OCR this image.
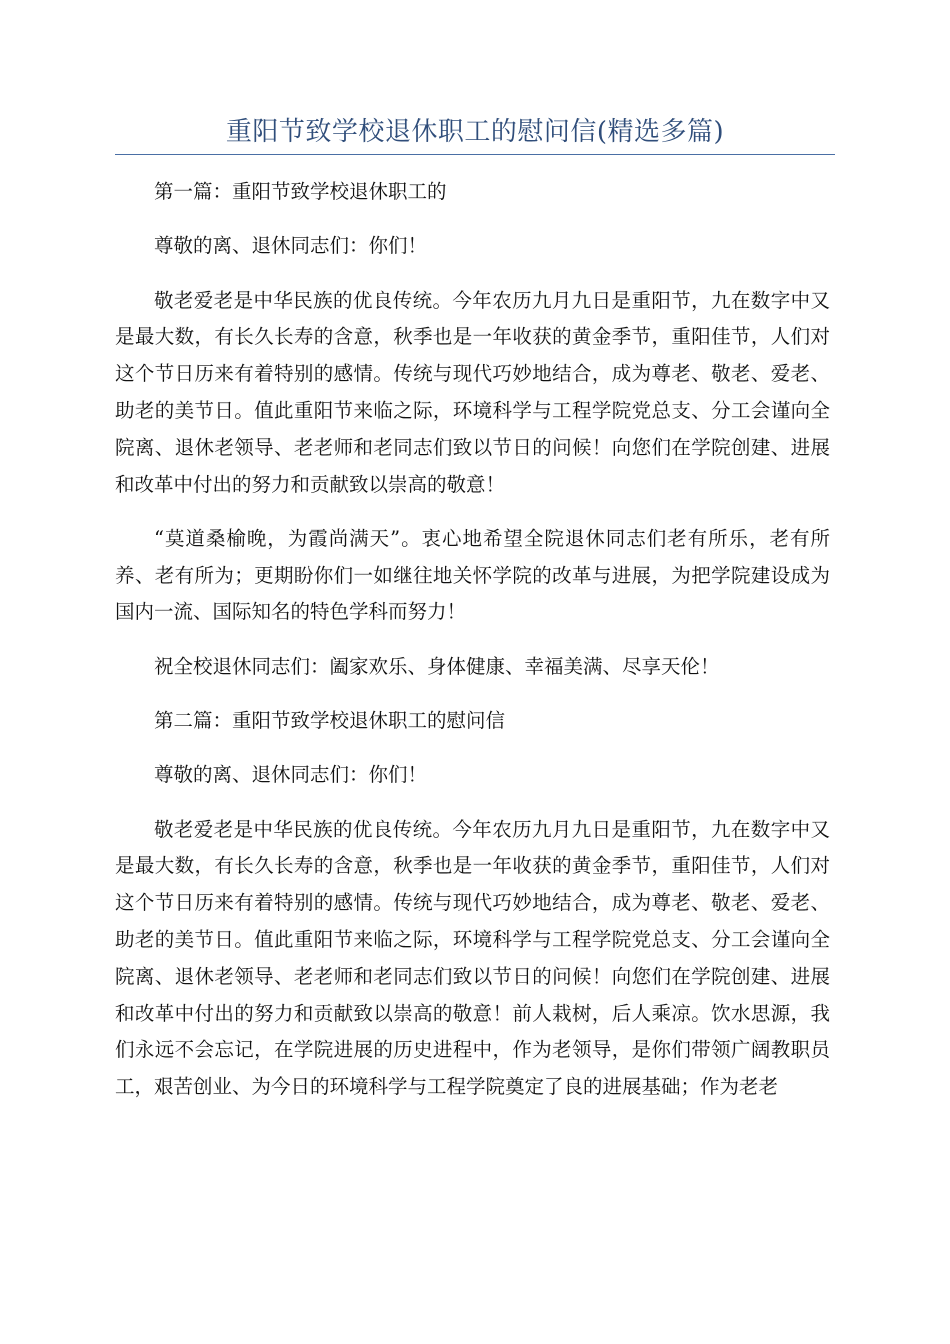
重阳节致学校退休职工的慰问信(精选多篇)

第一篇：重阳节致学校退休职工的

尊敬的离、退休同志们：你们！

敬老爱老是中华民族的优良传统。今年农历九月九日是重阳节，九在数字中又是最大数，有长久长寿的含意，秋季也是一年收获的黄金季节，重阳佳节，人们对这个节日历来有着特别的感情。传统与现代巧妙地结合，成为尊老、敬老、爱老、助老的美节日。值此重阳节来临之际，环境科学与工程学院党总支、分工会谨向全院离、退休老领导、老老师和老同志们致以节日的问候！向您们在学院创建、进展和改革中付出的努力和贡献致以崇高的敬意！

“莫道桑榆晚，为霞尚满天”。衷心地希望全院退休同志们老有所乐，老有所养、老有所为；更期盼你们一如继往地关怀学院的改革与进展，为把学院建设成为国内一流、国际知名的特色学科而努力！

祝全校退休同志们：阖家欢乐、身体健康、幸福美满、尽享天伦！

第二篇：重阳节致学校退休职工的慰问信

尊敬的离、退休同志们：你们！

敬老爱老是中华民族的优良传统。今年农历九月九日是重阳节，九在数字中又是最大数，有长久长寿的含意，秋季也是一年收获的黄金季节，重阳佳节，人们对这个节日历来有着特别的感情。传统与现代巧妙地结合，成为尊老、敬老、爱老、助老的美节日。值此重阳节来临之际，环境科学与工程学院党总支、分工会谨向全院离、退休老领导、老老师和老同志们致以节日的问候！向您们在学院创建、进展和改革中付出的努力和贡献致以崇高的敬意！前人栽树，后人乘凉。饮水思源，我们永远不会忘记，在学院进展的历史进程中，作为老领导，是你们带领广阔教职员工，艰苦创业、为今日的环境科学与工程学院奠定了良的进展基础；作为老老
